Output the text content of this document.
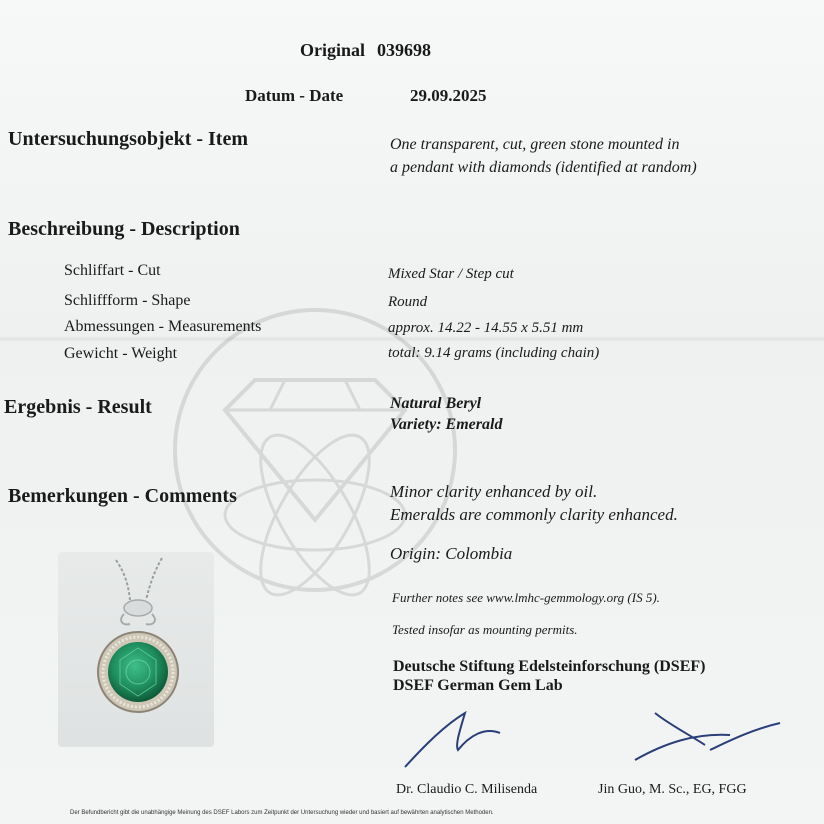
Original 039698
Datum - Date	29.09.2025
Untersuchungsobjekt - Item	One transparent, cut, green stone mounted in
a pendant with diamonds (identified at random)
Beschreibung - Description
Schliffart - Cut	Mixed Star / Step cut
Schliffform - Shape	Round
Abmessungen - Measurements	approx. 14.22 - 14.55 x 5.51 mm
Gewicht - Weight	total: 9.14 grams (including chain)
Ergebnis - Result	Natural Beryl
Variety: Emerald
Bemerkungen - Comments	Minor clarity enhanced by oil.
Emeralds are commonly clarity enhanced.
Origin: Colombia
Further notes see www.lmhc-gemmology.org (IS 5).
Tested insofar as mounting permits.
Deutsche Stiftung Edelsteinforschung (DSEF)
DSEF German Gem Lab
Dr. Claudio C. Milisenda	Jin Guo, M. Sc., EG, FGG
Der Befundbericht gibt die unabhängige Meinung des DSEF Labors zum Zeitpunkt der Untersuchung wieder und basiert auf bewährten analytischen Methoden.
